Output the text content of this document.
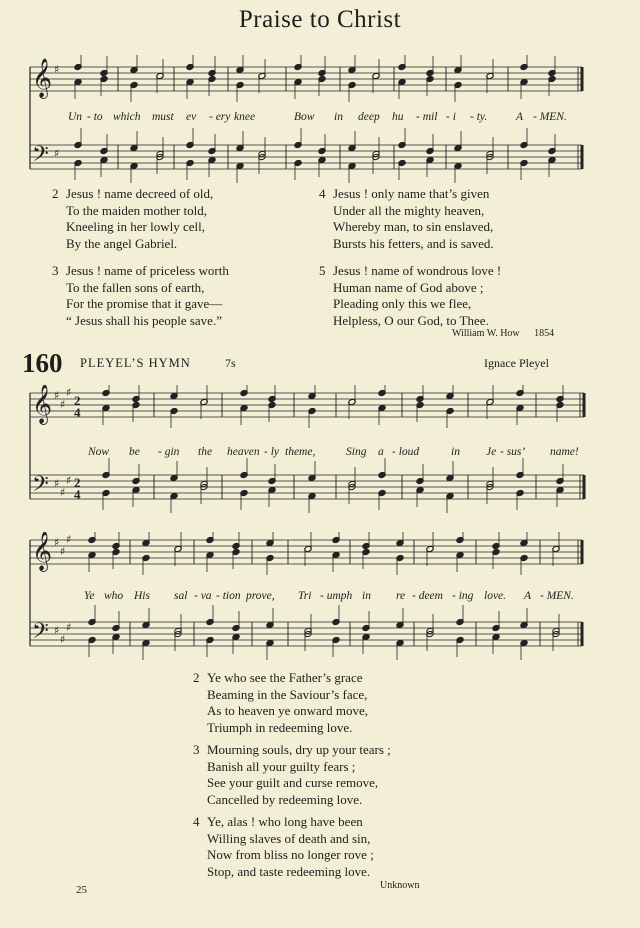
Praise to Christ
𝄞
𝄢
♯
♯
𝄞
𝄢
♯
♯
♯
♯
♯
♯
2
4
2
4
𝄞
𝄢
♯
♯
♯
♯
♯
♯
Un - to which must ev - ery knee	Bow in deep hu - mil - i - ty.	A - MEN.
2 Jesus ! name decreed of old,

To the maiden mother told,

Kneeling in her lowly cell,

By the angel Gabriel.

3 Jesus ! name of priceless worth

To the fallen sons of earth,

For the promise that it gave—

“ Jesus shall his people save.”

4 Jesus ! only name that’s given

Under all the mighty heaven,

Whereby man, to sin enslaved,

Bursts his fetters, and is saved.

5 Jesus ! name of wondrous love !

Human name of God above ;

Pleading only this we flee,

Helpless, O our God, to Thee.

William W. How 1854
160 PLEYEL’S HYMN	7s	Ignace Pleyel
Now be - gin the heaven - ly theme,	Sing a - loud	in Je - sus’ name!
Ye who His sal - va - tion prove, Tri - umph in re - deem - ing love. A - MEN.
2 Ye who see the Father’s grace

Beaming in the Saviour’s face,

As to heaven ye onward move,

Triumph in redeeming love.

3 Mourning souls, dry up your tears ;

Banish all your guilty fears ;

See your guilt and curse remove,

Cancelled by redeeming love.

4 Ye, alas ! who long have been

Willing slaves of death and sin,

Now from bliss no longer rove ;

Stop, and taste redeeming love.

Unknown
25
